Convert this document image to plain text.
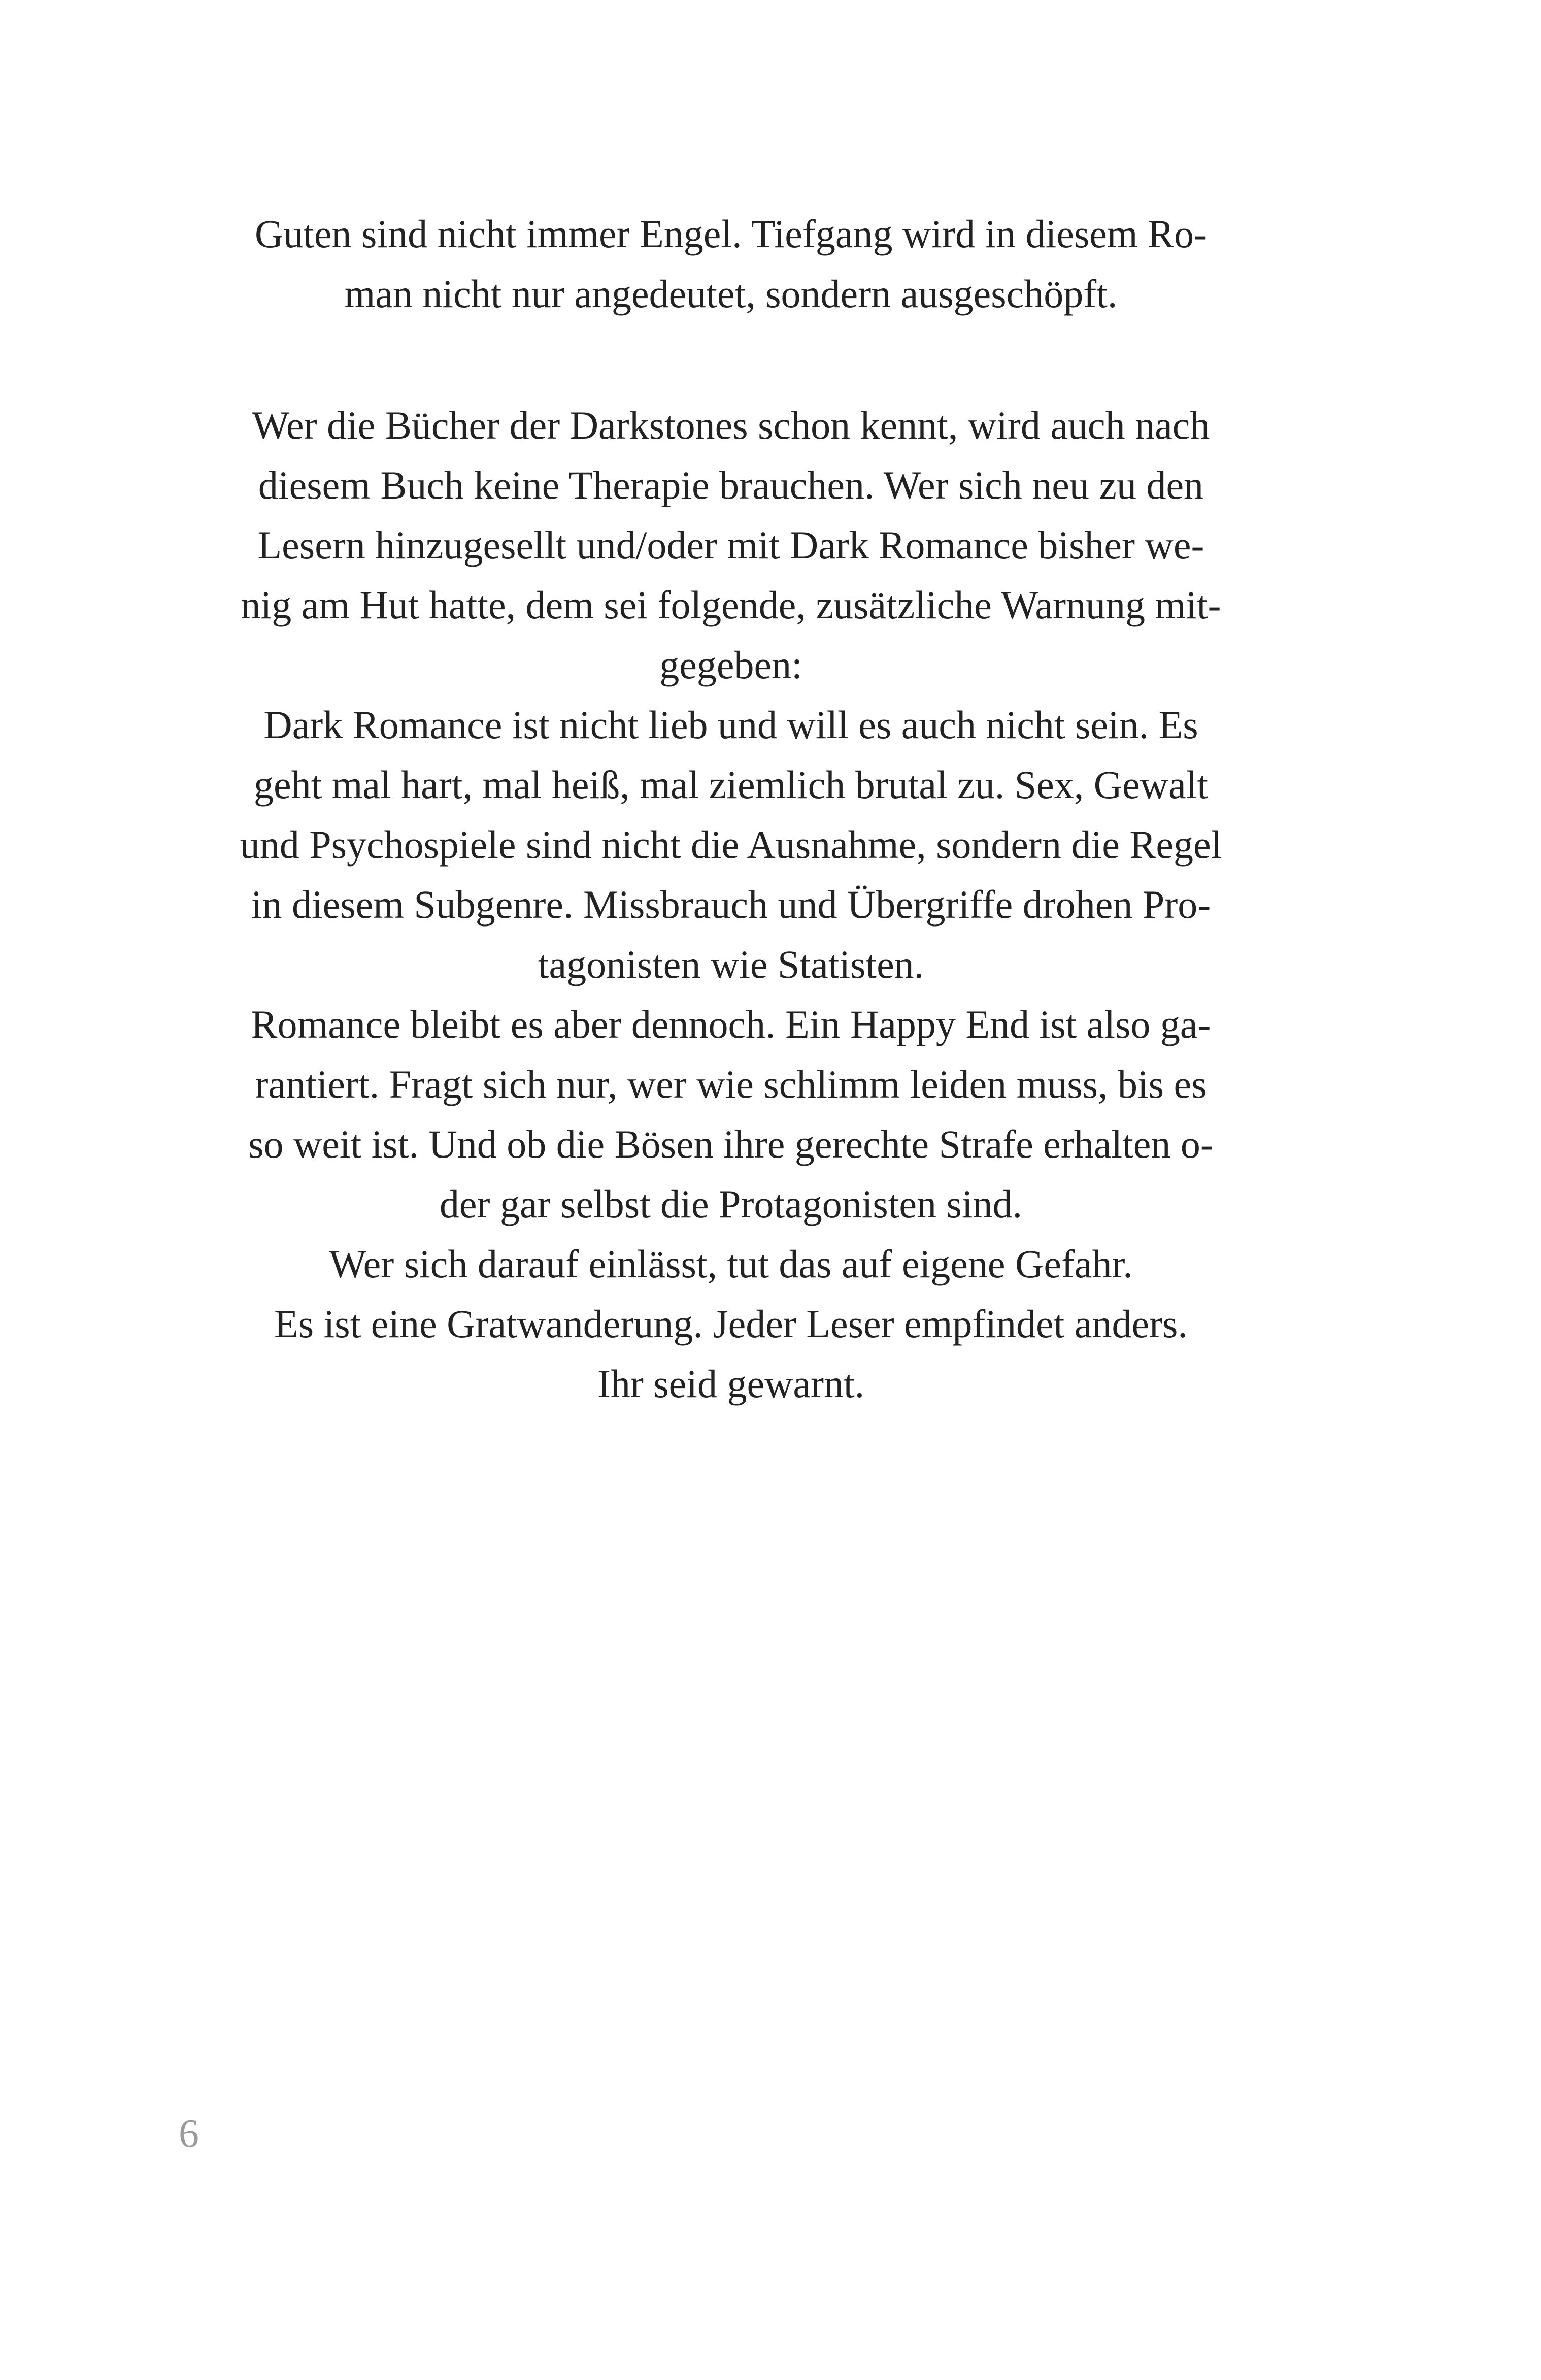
Guten sind nicht immer Engel. Tiefgang wird in diesem Ro-
man nicht nur angedeutet, sondern ausgeschöpft.
Wer die Bücher der Darkstones schon kennt, wird auch nach
diesem Buch keine Therapie brauchen. Wer sich neu zu den
Lesern hinzugesellt und/oder mit Dark Romance bisher we-
nig am Hut hatte, dem sei folgende, zusätzliche Warnung mit-
gegeben:
Dark Romance ist nicht lieb und will es auch nicht sein. Es
geht mal hart, mal heiß, mal ziemlich brutal zu. Sex, Gewalt
und Psychospiele sind nicht die Ausnahme, sondern die Regel
in diesem Subgenre. Missbrauch und Übergriffe drohen Pro-
tagonisten wie Statisten.
Romance bleibt es aber dennoch. Ein Happy End ist also ga-
rantiert. Fragt sich nur, wer wie schlimm leiden muss, bis es
so weit ist. Und ob die Bösen ihre gerechte Strafe erhalten o-
der gar selbst die Protagonisten sind.
Wer sich darauf einlässt, tut das auf eigene Gefahr.
Es ist eine Gratwanderung. Jeder Leser empfindet anders.
Ihr seid gewarnt.
6
